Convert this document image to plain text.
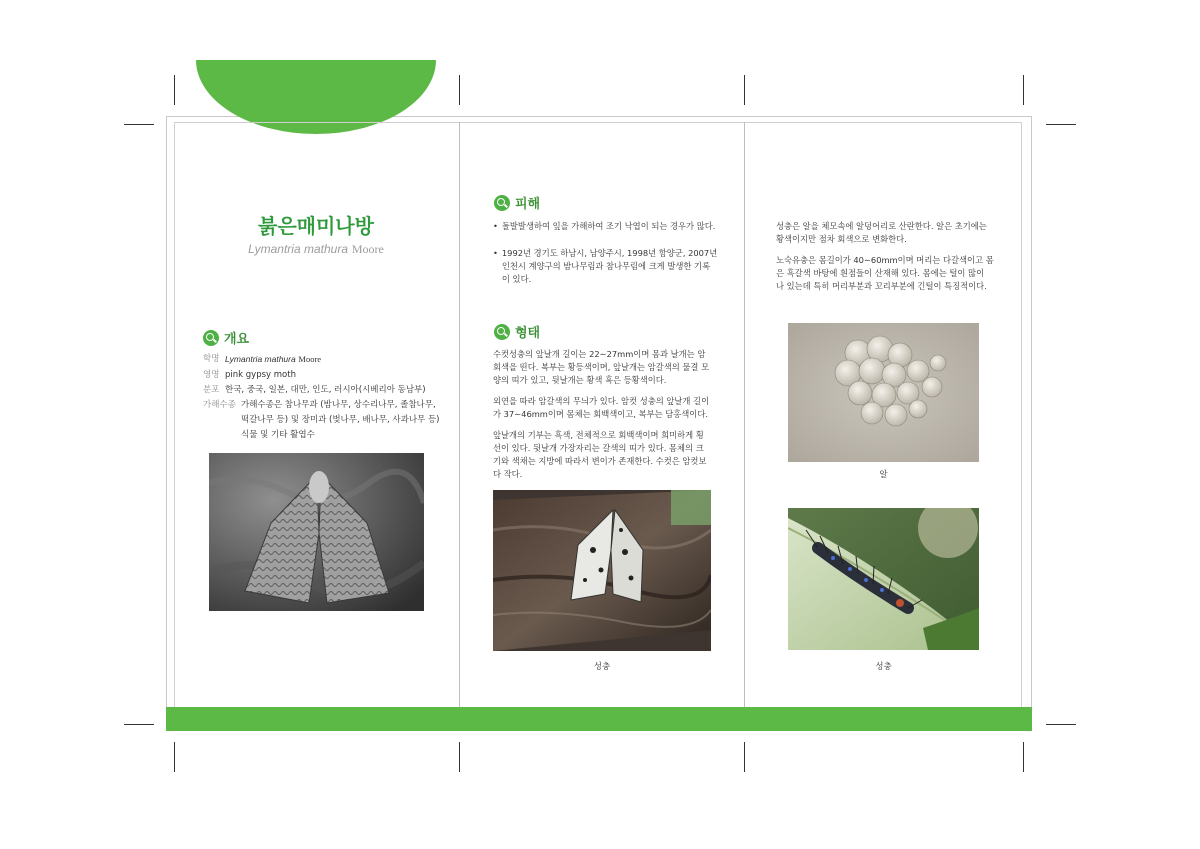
붉은매미나방
Lymantria mathura Moore
개요
학명 Lymantria mathura Moore
영명 pink gypsy moth
분포 한국, 중국, 일본, 대만, 인도, 러시아(시베리아 동남부)
가해수종 가해수종은 참나무과 (밤나무, 상수리나무, 졸참나무, 떡갈나무 등) 및 장미과 (벚나무, 배나무, 사과나무 등) 식물 및 기타 활엽수
피해
• 돌발발생하여 잎을 가해하여 조기 낙엽이 되는 경우가 많다.
• 1992년 경기도 하남시, 남양주시, 1998년 함양군, 2007년 인천시 계양구의 밤나무림과 참나무림에 크게 발생한 기록이 있다.
형태

수컷성충의 앞날개 길이는 22∼27mm이며 몸과 날개는 암회색을 띤다. 복부는 황등색이며, 앞날개는 암갈색의 물결 모양의 띠가 있고, 뒷날개는 황색 혹은 등황색이다.

외연을 따라 암갈색의 무늬가 있다. 암컷 성충의 앞날개 길이가 37∼46mm이며 몸체는 회백색이고, 복부는 담홍색이다.

앞날개의 기부는 흑색, 전체적으로 회백색이며 희미하게 횡선이 있다. 뒷날개 가장자리는 갈색의 띠가 있다. 몸체의 크기와 색채는 지방에 따라서 변이가 존재한다. 수컷은 암컷보다 작다.

성충

성충은 알을 체모속에 알덩어리로 산란한다. 알은 초기에는 황색이지만 점차 회색으로 변화한다.

노숙유충은 몸길이가 40∼60mm이며 머리는 다갈색이고 몸은 흑갈색 바탕에 흰점들이 산재해 있다. 몸에는 털이 많이 나 있는데 특히 머리부분과 꼬리부분에 긴털이 특징적이다.

알
성충
